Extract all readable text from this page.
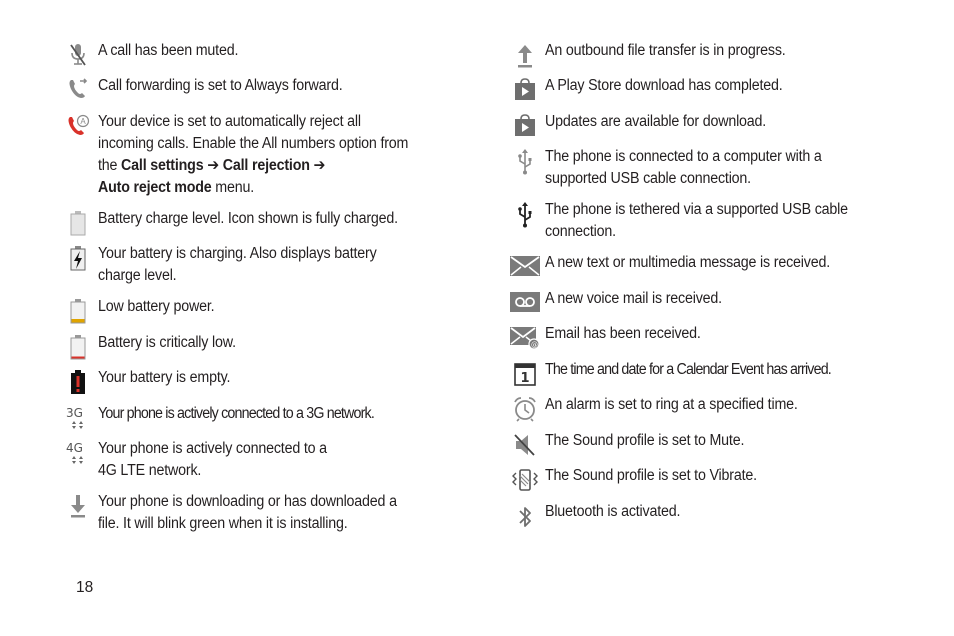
A call has been muted.
Call forwarding is set to Always forward.
A Your device is set to automatically reject all incoming calls. Enable the All numbers option from the Call settings ➔ Call rejection ➔
Auto reject mode menu.
Battery charge level. Icon shown is fully charged.
Your battery is charging. Also displays battery charge level.
Low battery power.
Battery is critically low.
Your battery is empty.
3G Your phone is actively connected to a 3G network.
4G Your phone is actively connected to a
4G LTE network.
Your phone is downloading or has downloaded a file. It will blink green when it is installing.
An outbound file transfer is in progress.
A Play Store download has completed.
Updates are available for download.
The phone is connected to a computer with a supported USB cable connection.
The phone is tethered via a supported USB cable connection.
A new text or multimedia message is received.
A new voice mail is received.
@
Email has been received.
1
The time and date for a Calendar Event has arrived.
An alarm is set to ring at a specified time.
The Sound profile is set to Mute.
The Sound profile is set to Vibrate.
Bluetooth is activated.
18
